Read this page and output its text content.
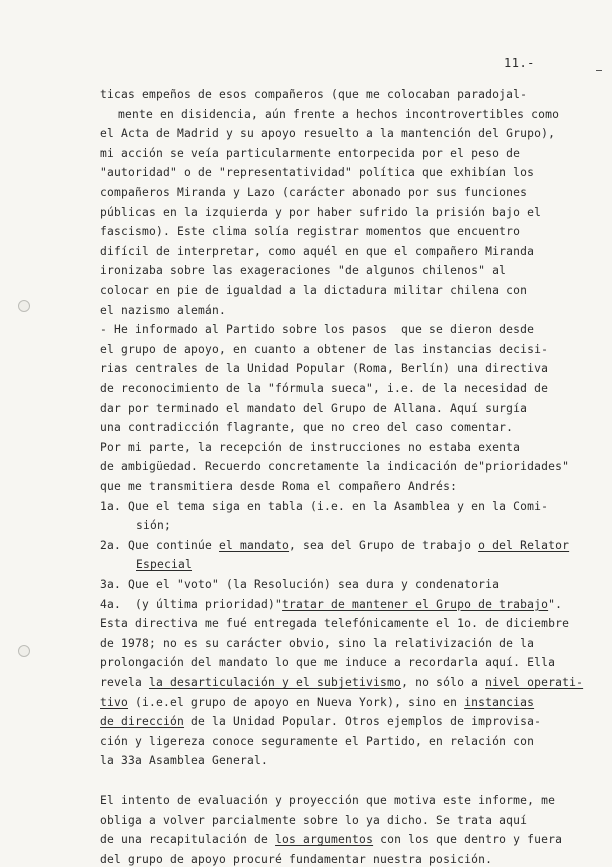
11.-
ticas empeños de esos compañeros (que me colocaban paradojal-
mente en disidencia, aún frente a hechos incontrovertibles como
el Acta de Madrid y su apoyo resuelto a la mantención del Grupo),
mi acción se veía particularmente entorpecida por el peso de
"autoridad" o de "representatividad" política que exhibían los
compañeros Miranda y Lazo (carácter abonado por sus funciones
públicas en la izquierda y por haber sufrido la prisión bajo el
fascismo). Este clima solía registrar momentos que encuentro
difícil de interpretar, como aquél en que el compañero Miranda
ironizaba sobre las exageraciones "de algunos chilenos" al
colocar en pie de igualdad a la dictadura militar chilena con
el nazismo alemán.
- He informado al Partido sobre los pasos  que se dieron desde
el grupo de apoyo, en cuanto a obtener de las instancias decisi-
rias centrales de la Unidad Popular (Roma, Berlín) una directiva
de reconocimiento de la "fórmula sueca", i.e. de la necesidad de
dar por terminado el mandato del Grupo de Allana. Aquí surgía
una contradicción flagrante, que no creo del caso comentar.
Por mi parte, la recepción de instrucciones no estaba exenta
de ambigüedad. Recuerdo concretamente la indicación de"prioridades"
que me transmitiera desde Roma el compañero Andrés:
1a. Que el tema siga en tabla (i.e. en la Asamblea y en la Comi-
sión;
2a. Que continúe el mandato, sea del Grupo de trabajo o del Relator
Especial
3a. Que el "voto" (la Resolución) sea dura y condenatoria
4a.  (y última prioridad)"tratar de mantener el Grupo de trabajo".
Esta directiva me fué entregada telefónicamente el 1o. de diciembre
de 1978; no es su carácter obvio, sino la relativización de la
prolongación del mandato lo que me induce a recordarla aquí. Ella
revela la desarticulación y el subjetivismo, no sólo a nivel operati-
tivo (i.e.el grupo de apoyo en Nueva York), sino en instancias
de dirección de la Unidad Popular. Otros ejemplos de improvisa-
ción y ligereza conoce seguramente el Partido, en relación con
la 33a Asamblea General.
El intento de evaluación y proyección que motiva este informe, me
obliga a volver parcialmente sobre lo ya dicho. Se trata aquí
de una recapitulación de los argumentos con los que dentro y fuera
del grupo de apoyo procuré fundamentar nuestra posición.
